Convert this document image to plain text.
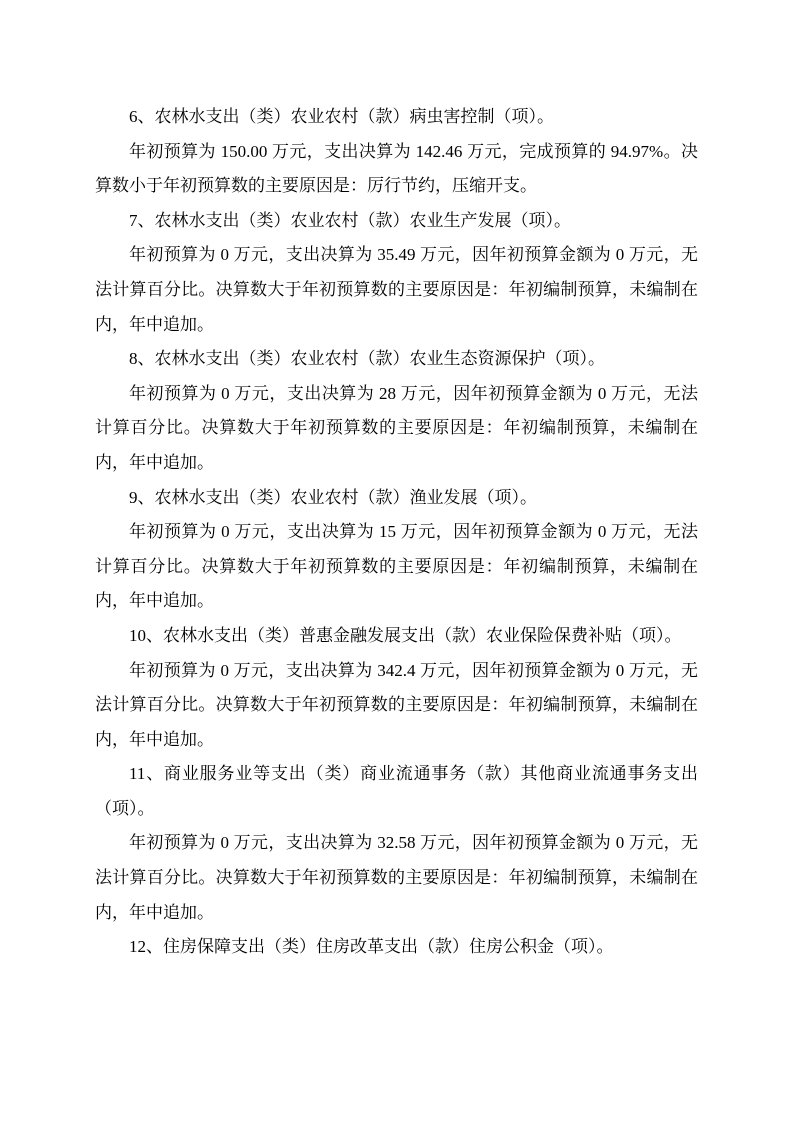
6、农林水支出（类）农业农村（款）病虫害控制（项）。

年初预算为 150.00 万元，支出决算为 142.46 万元，完成预算的 94.97%。决算数小于年初预算数的主要原因是：厉行节约，压缩开支。

7、农林水支出（类）农业农村（款）农业生产发展（项）。

年初预算为 0 万元，支出决算为 35.49 万元，因年初预算金额为 0 万元，无法计算百分比。决算数大于年初预算数的主要原因是：年初编制预算，未编制在内，年中追加。

8、农林水支出（类）农业农村（款）农业生态资源保护（项）。

年初预算为 0 万元，支出决算为 28 万元，因年初预算金额为 0 万元，无法计算百分比。决算数大于年初预算数的主要原因是：年初编制预算，未编制在内，年中追加。

9、农林水支出（类）农业农村（款）渔业发展（项）。

年初预算为 0 万元，支出决算为 15 万元，因年初预算金额为 0 万元，无法计算百分比。决算数大于年初预算数的主要原因是：年初编制预算，未编制在内，年中追加。

10、农林水支出（类）普惠金融发展支出（款）农业保险保费补贴（项）。

年初预算为 0 万元，支出决算为 342.4 万元，因年初预算金额为 0 万元，无法计算百分比。决算数大于年初预算数的主要原因是：年初编制预算，未编制在内，年中追加。

11、商业服务业等支出（类）商业流通事务（款）其他商业流通事务支出（项）。

年初预算为 0 万元，支出决算为 32.58 万元，因年初预算金额为 0 万元，无法计算百分比。决算数大于年初预算数的主要原因是：年初编制预算，未编制在内，年中追加。

12、住房保障支出（类）住房改革支出（款）住房公积金（项）。
